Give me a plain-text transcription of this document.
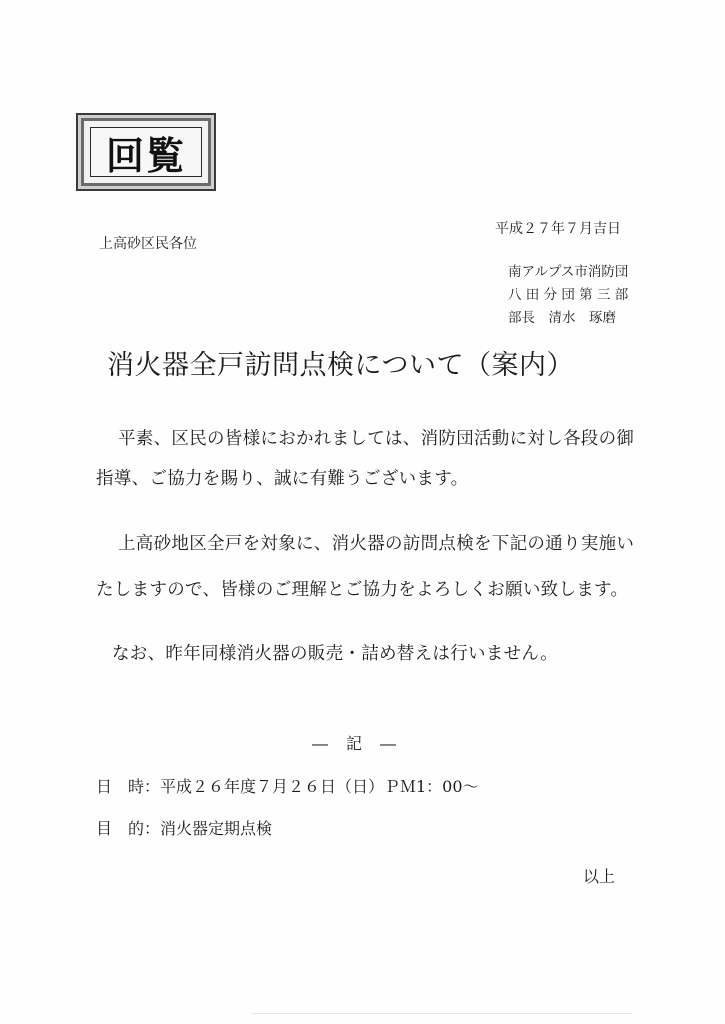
回覧
平成２７年７月吉日
上高砂区民各位
南アルプス市消防団
八 田 分 団 第 三 部
部長　清水　琢磨
消火器全戸訪問点検について（案内）
平素、区民の皆様におかれましては、消防団活動に対し各段の御
指導、ご協力を賜り、誠に有難うございます。
上高砂地区全戸を対象に、消火器の訪問点検を下記の通り実施い
たしますので、皆様のご理解とご協力をよろしくお願い致します。
なお、昨年同様消火器の販売・詰め替えは行いません。
―　記　―
日　時：平成２６年度７月２６日（日）ＰＭ1：00～
目　的：消火器定期点検
以上
